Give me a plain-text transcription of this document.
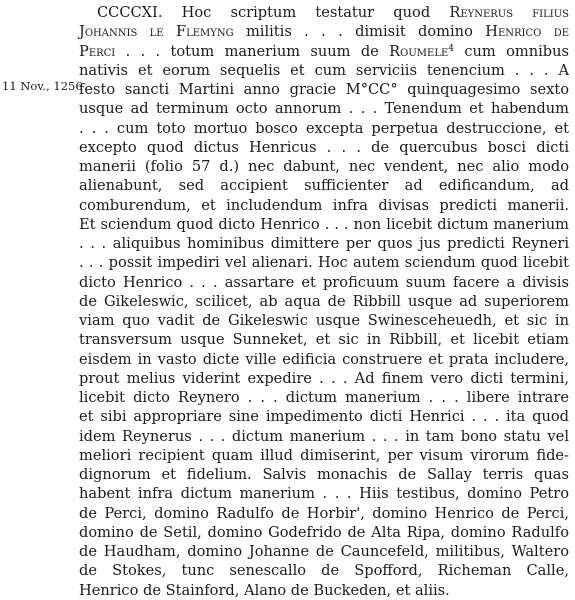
11 Nov., 1256
CCCCXI. Hoc scriptum testatur quod Reynerus filius
Johannis le Flemyng militis . . . dimisit domino Henrico de
Perci . . . totum manerium suum de Roumele$^4$ cum omnibus
nativis et eorum sequelis et cum serviciis tenencium . . . A
festo sancti Martini anno gracie M°CC° quinquagesimo sexto
usque ad terminum octo annorum . . . Tenendum et habendum
. . . cum toto mortuo bosco excepta perpetua destruccione, et
excepto quod dictus Henricus . . . de quercubus bosci dicti
manerii (folio 57 d.) nec dabunt, nec vendent, nec alio modo
alienabunt, sed accipient sufficienter ad edificandum, ad
comburendum, et includendum infra divisas predicti manerii.
Et sciendum quod dicto Henrico . . . non licebit dictum manerium
. . . aliquibus hominibus dimittere per quos jus predicti Reyneri
. . . possit impediri vel alienari. Hoc autem sciendum quod licebit
dicto Henrico . . . assartare et proficuum suum facere a divisis
de Gikeleswic, scilicet, ab aqua de Ribbill usque ad superiorem
viam quo vadit de Gikeleswic usque Swinesceheuedh, et sic in
transversum usque Sunneket, et sic in Ribbill, et licebit etiam
eisdem in vasto dicte ville edificia construere et prata includere,
prout melius viderint expedire . . . Ad finem vero dicti termini,
licebit dicto Reynero . . . dictum manerium . . . libere intrare
et sibi appropriare sine impedimento dicti Henrici . . . ita quod
idem Reynerus . . . dictum manerium . . . in tam bono statu vel
meliori recipient quam illud dimiserint, per visum virorum fide-
dignorum et fidelium. Salvis monachis de Sallay terris quas
habent infra dictum manerium . . . Hiis testibus, domino Petro
de Perci, domino Radulfo de Horbir', domino Henrico de Perci,
domino de Setil, domino Godefrido de Alta Ripa, domino Radulfo
de Haudham, domino Johanne de Cauncefeld, militibus, Waltero
de Stokes, tunc senescallo de Spofford, Richeman Calle,
Henrico de Stainford, Alano de Buckeden, et aliis.
